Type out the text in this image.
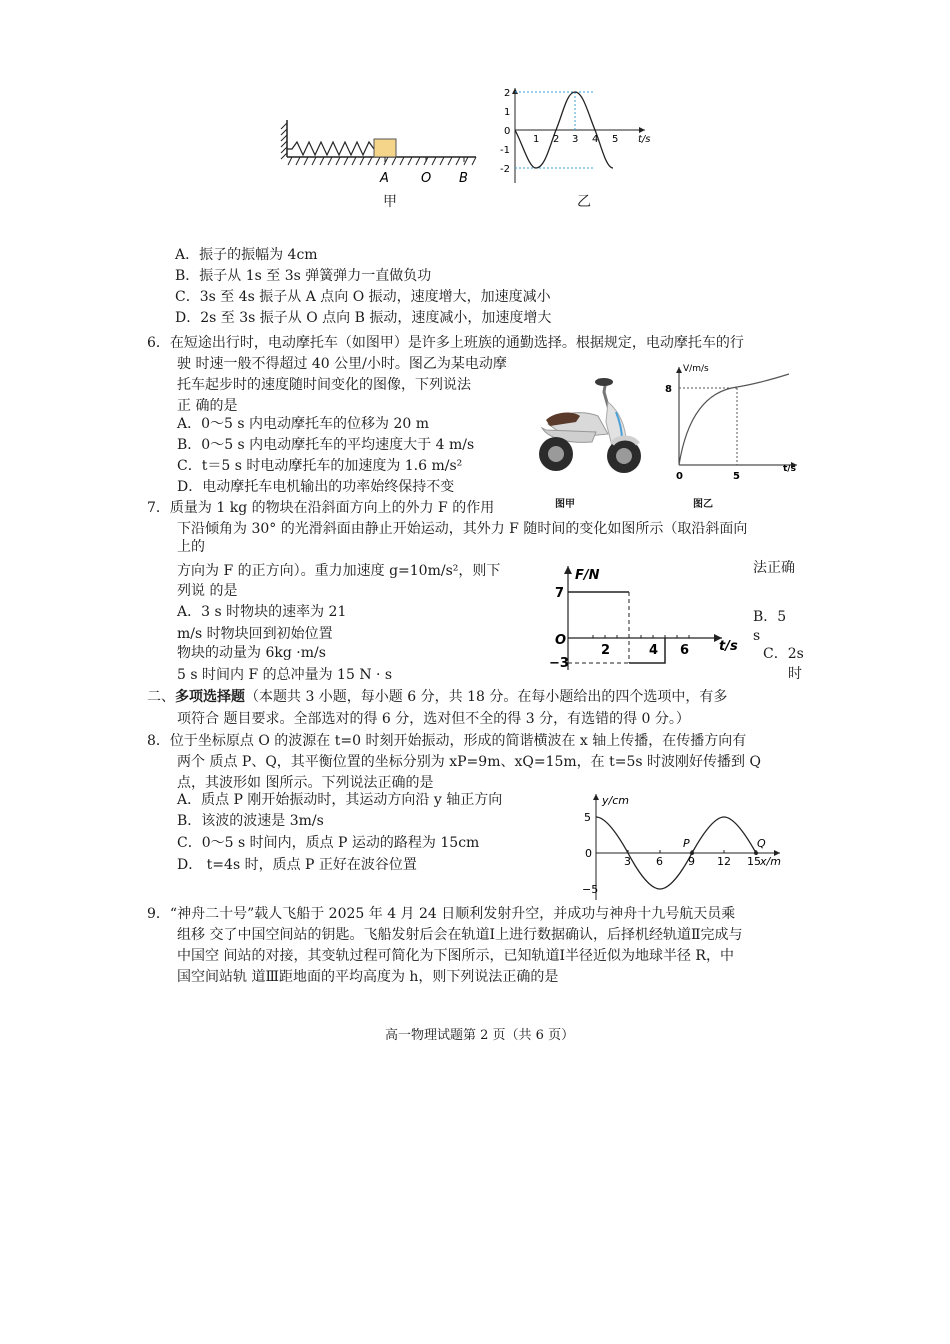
A O B
甲
2
1
0
-1
-2
1 2 3 4 5 t/s
乙
A．振子的振幅为 4cm
B．振子从 1s 至 3s 弹簧弹力一直做负功
C．3s 至 4s 振子从 A 点向 O 振动，速度增大，加速度减小
D．2s 至 3s 振子从 O 点向 B 振动，速度减小，加速度增大
6．在短途出行时，电动摩托车（如图甲）是许多上班族的通勤选择。根据规定，电动摩托车的行
驶 时速一般不得超过 40 公里/小时。图乙为某电动摩
托车起步时的速度随时间变化的图像，下列说法
正 确的是
A．0～5 s 内电动摩托车的位移为 20 m
B．0～5 s 内电动摩托车的平均速度大于 4 m/s
C．t＝5 s 时电动摩托车的加速度为 1.6 m/s²
D．电动摩托车电机输出的功率始终保持不变
图甲
V/m/s
8
0	5
t/s
图乙
7．质量为 1 kg 的物块在沿斜面方向上的外力 F 的作用
下沿倾角为 30° 的光滑斜面由静止开始运动，其外力 F 随时间的变化如图所示（取沿斜面向
上的
方向为 F 的正方向）。重力加速度 g=10m/s²，则下
列说 的是
法正确
A．3 s 时物块的速率为 21
m/s 时物块回到初始位置
物块的动量为 6kg ·m/s
5 s 时间内 F 的总冲量为 15 N · s
B．5
s
C．2s
时
F/N
7
O
−3
2	4 6 t/s
二、多项选择题（本题共 3 小题，每小题 6 分，共 18 分。在每小题给出的四个选项中，有多
项符合 题目要求。全部选对的得 6 分，选对但不全的得 3 分，有选错的得 0 分。）
8．位于坐标原点 O 的波源在 t=0 时刻开始振动，形成的简谐横波在 x 轴上传播，在传播方向有
两个 质点 P、Q，其平衡位置的坐标分别为 xP=9m、xQ=15m，在 t=5s 时波刚好传播到 Q
点，其波形如 图所示。下列说法正确的是
A．质点 P 刚开始振动时，其运动方向沿 y 轴正方向
B．该波的波速是 3m/s
C．0～5 s 时间内，质点 P 运动的路程为 15cm
D． t=4s 时，质点 P 正好在波谷位置
y/cm
5
0
−5
3 6 9 12 15
P	Q
x/m
9．“神舟二十号”载人飞船于 2025 年 4 月 24 日顺利发射升空，并成功与神舟十九号航天员乘
组移 交了中国空间站的钥匙。飞船发射后会在轨道Ⅰ上进行数据确认，后择机经轨道Ⅱ完成与
中国空 间站的对接，其变轨过程可简化为下图所示，已知轨道Ⅰ半径近似为地球半径 R，中
国空间站轨 道Ⅲ距地面的平均高度为 h，则下列说法正确的是
高一物理试题第 2 页（共 6 页）
